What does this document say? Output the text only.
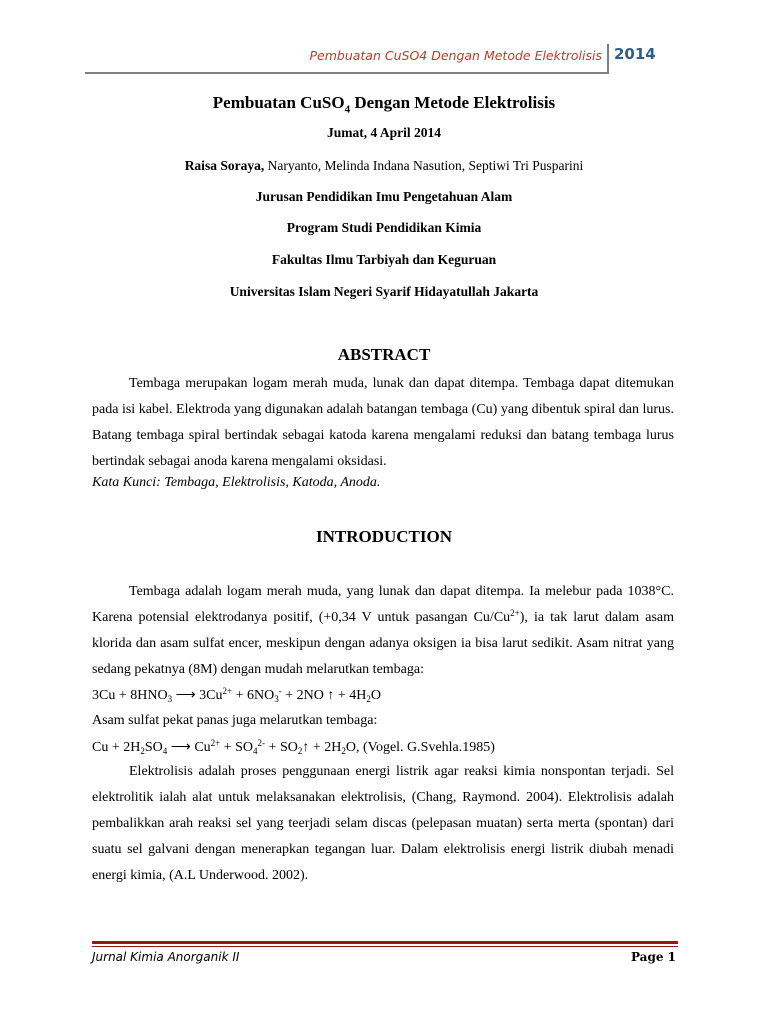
Pembuatan CuSO4 Dengan Metode Elektrolisis 2014
Pembuatan CuSO$_4$ Dengan Metode Elektrolisis
Jumat, 4 April 2014
Raisa Soraya, Naryanto, Melinda Indana Nasution, Septiwi Tri Pusparini
Jurusan Pendidikan Imu Pengetahuan Alam
Program Studi Pendidikan Kimia
Fakultas Ilmu Tarbiyah dan Keguruan
Universitas Islam Negeri Syarif Hidayatullah Jakarta
ABSTRACT

Tembaga merupakan logam merah muda, lunak dan dapat ditempa. Tembaga dapat ditemukan pada isi kabel. Elektroda yang digunakan adalah batangan tembaga (Cu) yang dibentuk spiral dan lurus. Batang tembaga spiral bertindak sebagai katoda karena mengalami reduksi dan batang tembaga lurus bertindak sebagai anoda karena mengalami oksidasi.

Kata Kunci: Tembaga, Elektrolisis, Katoda, Anoda.
INTRODUCTION

Tembaga adalah logam merah muda, yang lunak dan dapat ditempa. Ia melebur pada 1038°C. Karena potensial elektrodanya positif, (+0,34 V untuk pasangan $Cu/Cu^{2+}$), ia tak larut dalam asam klorida dan asam sulfat encer, meskipun dengan adanya oksigen ia bisa larut sedikit. Asam nitrat yang sedang pekatnya (8M) dengan mudah melarutkan tembaga:

$3Cu + 8HNO_3$ ⟶ $3Cu^{2+} + 6NO_3^- + 2NO$ ↑ + $4H_2O$
Asam sulfat pekat panas juga melarutkan tembaga:
$Cu + 2H_2SO_4$ ⟶ $Cu^{2+} + SO_4^{2-}$ + $SO_2↑ + 2H_2O$, (Vogel. G.Svehla.1985)

Elektrolisis adalah proses penggunaan energi listrik agar reaksi kimia nonspontan terjadi. Sel elektrolitik ialah alat untuk melaksanakan elektrolisis, (Chang, Raymond. 2004). Elektrolisis adalah pembalikkan arah reaksi sel yang teerjadi selam discas (pelepasan muatan) serta merta (spontan) dari suatu sel galvani dengan menerapkan tegangan luar. Dalam elektrolisis energi listrik diubah menadi energi kimia, (A.L Underwood. 2002).

Jurnal Kimia Anorganik II	Page 1
